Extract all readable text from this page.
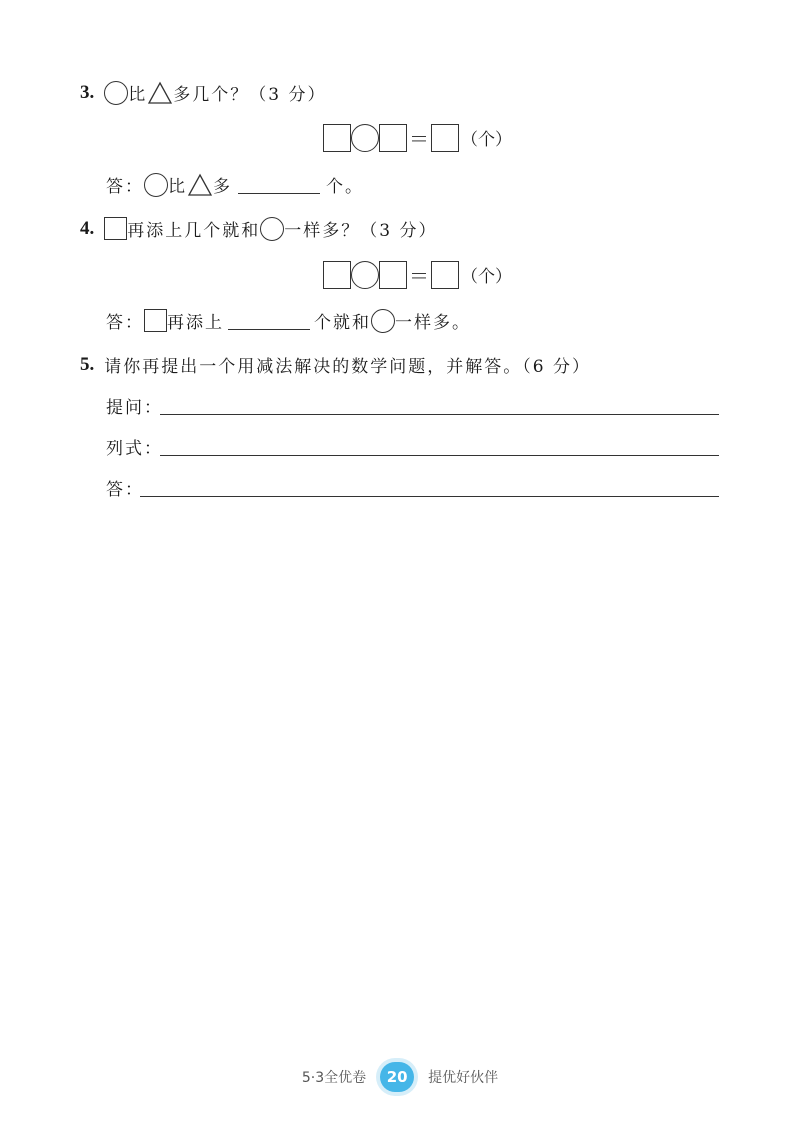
3. 比 多几个？（3 分）
＝ （个）
答： 比 多	个。
4. 再添上几个就和 一样多？（3 分）
＝ （个）
答： 再添上	个就和 一样多。
5. 请你再提出一个用减法解决的数学问题，并解答。（6 分）
提问：
列式：
答：
5·3全优卷	20	提优好伙伴
